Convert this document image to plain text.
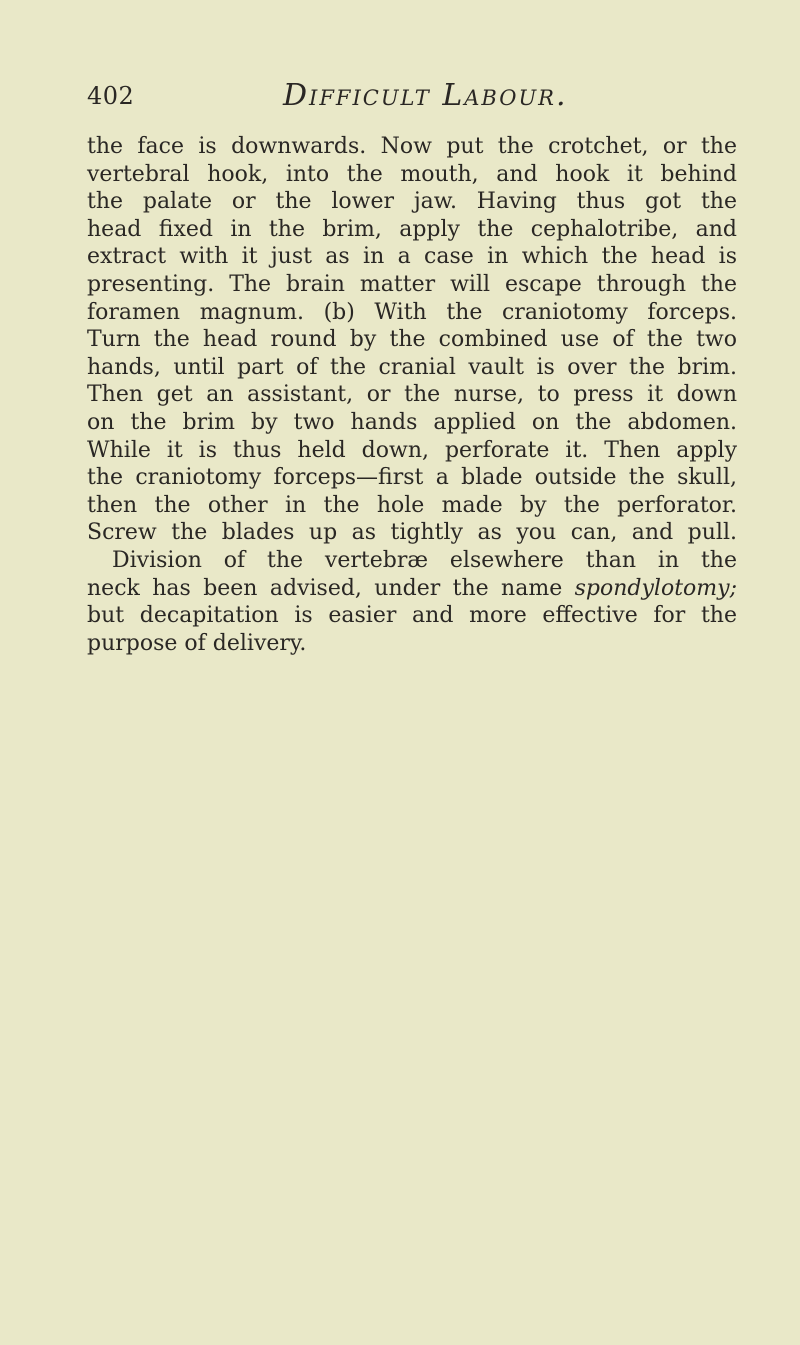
402	Difficult Labour.
the face is downwards. Now put the crotchet, or the
vertebral hook, into the mouth, and hook it behind
the palate or the lower jaw. Having thus got the
head fixed in the brim, apply the cephalotribe, and
extract with it just as in a case in which the head is
presenting. The brain matter will escape through the
foramen magnum. (b) With the craniotomy forceps.
Turn the head round by the combined use of the two
hands, until part of the cranial vault is over the brim.
Then get an assistant, or the nurse, to press it down
on the brim by two hands applied on the abdomen.
While it is thus held down, perforate it. Then apply
the craniotomy forceps—first a blade outside the skull,
then the other in the hole made by the perforator.
Screw the blades up as tightly as you can, and pull.
Division of the vertebræ elsewhere than in the
neck has been advised, under the name spondylotomy;
but decapitation is easier and more effective for the
purpose of delivery.
